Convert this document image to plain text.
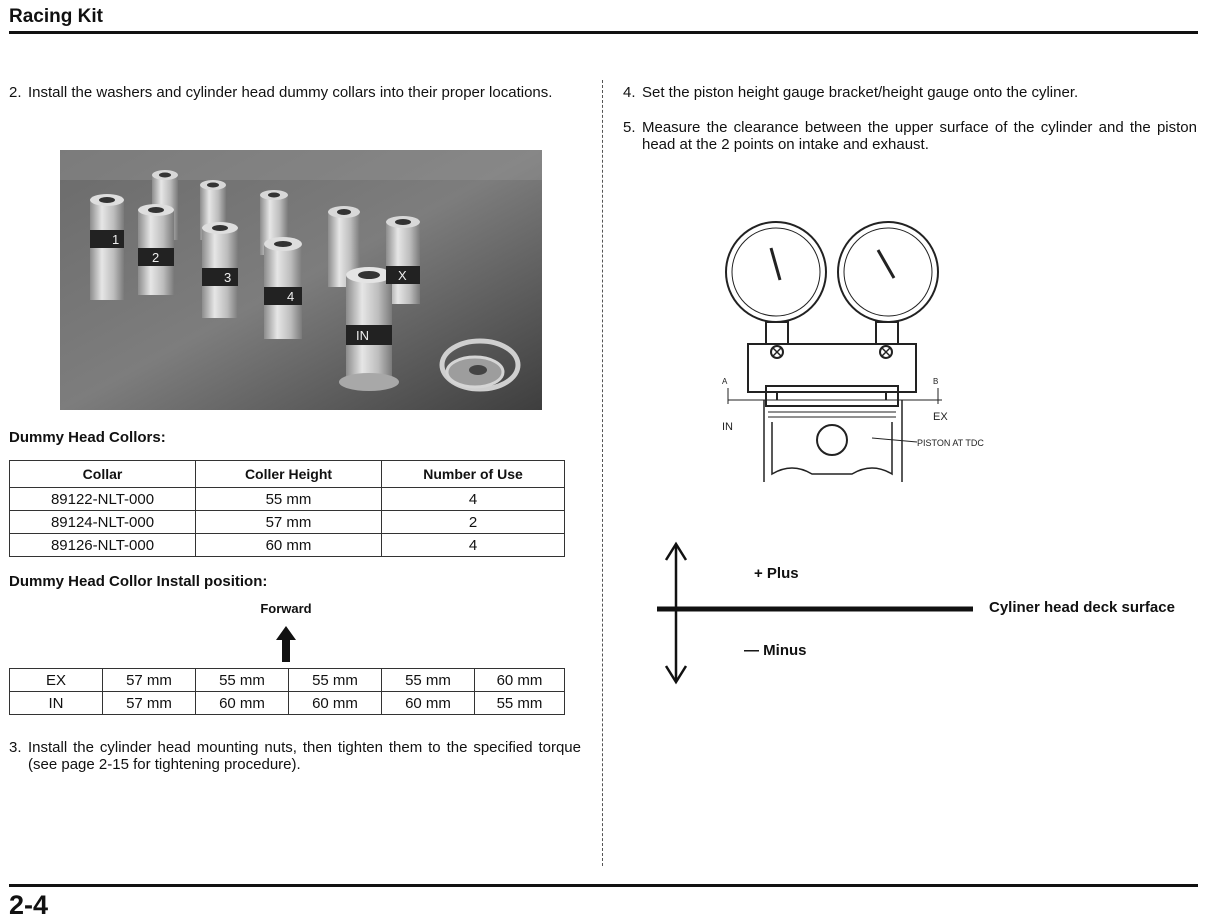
Racing Kit
2. Install the washers and cylinder head dummy collars into their proper locations.
1
2
3
4
X
IN
Dummy Head Collors:
Collar	Coller Height	Number of Use
89122-NLT-000	55 mm	4
89124-NLT-000	57 mm	2
89126-NLT-000	60 mm	4
Dummy Head Collor Install position:
Forward
EX	57 mm	55 mm	55 mm	55 mm	60 mm
IN	57 mm	60 mm	60 mm	60 mm	55 mm
3. Install the cylinder head mounting nuts, then tighten them to the specified torque (see page 2-15 for tightening procedure).
4. Set the piston height gauge bracket/height gauge onto the cyliner.
5. Measure the clearance between the upper surface of the cylinder and the piston head at the 2 points on intake and exhaust.
IN
EX
PISTON AT TDC
A	B
+ Plus
— Minus
Cyliner head deck surface
2-4
